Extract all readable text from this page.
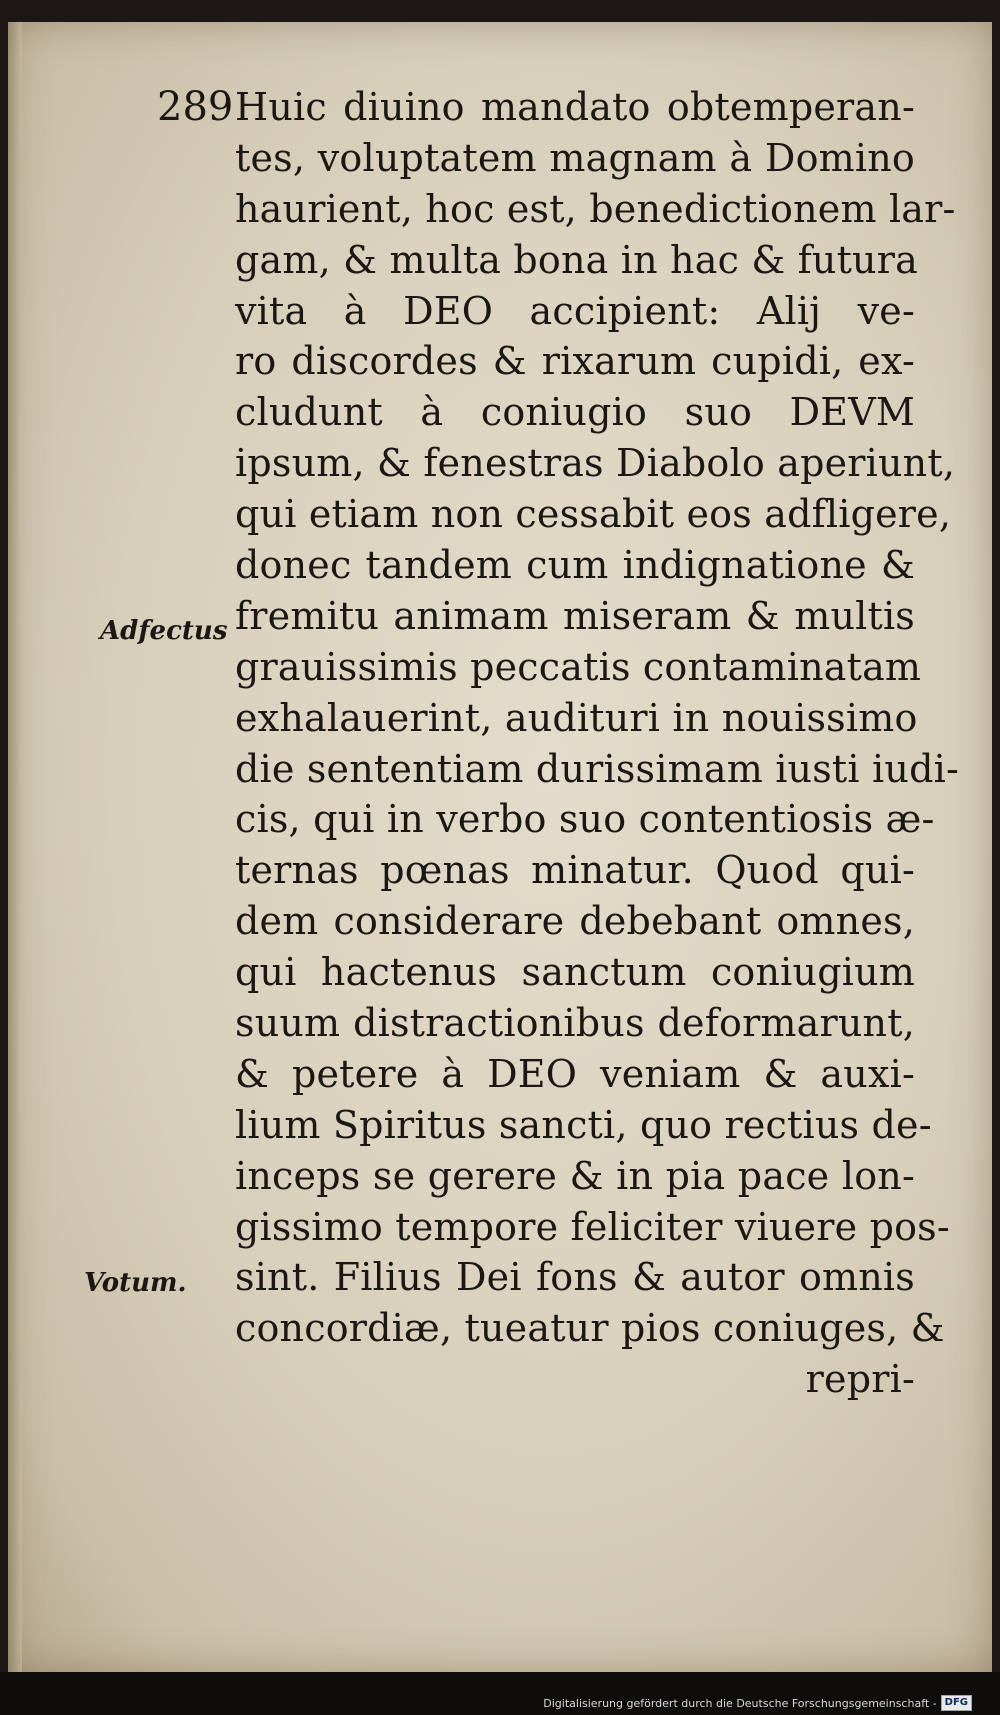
289
Adfectus
Votum.
Huic diuino mandato obtemperan-
tes, voluptatem magnam à Domino
haurient, hoc est, benedictionem lar-
gam, & multa bona in hac & futura
vita à DEO accipient: Alij ve-
ro discordes & rixarum cupidi, ex-
cludunt à coniugio suo DEVM
ipsum, & fenestras Diabolo aperiunt,
qui etiam non cessabit eos adfligere,
donec tandem cum indignatione &
fremitu animam miseram & multis
grauissimis peccatis contaminatam
exhalauerint, audituri in nouissimo
die sententiam durissimam iusti iudi-
cis, qui in verbo suo contentiosis æ-
ternas pœnas minatur. Quod qui-
dem considerare debebant omnes,
qui hactenus sanctum coniugium
suum distractionibus deformarunt,
& petere à DEO veniam & auxi-
lium Spiritus sancti, quo rectius de-
inceps se gerere & in pia pace lon-
gissimo tempore feliciter viuere pos-
sint. Filius Dei fons & autor omnis
concordiæ, tueatur pios coniuges, &
repri-
Digitalisierung gefördert durch die Deutsche Forschungsgemeinschaft - DFG
